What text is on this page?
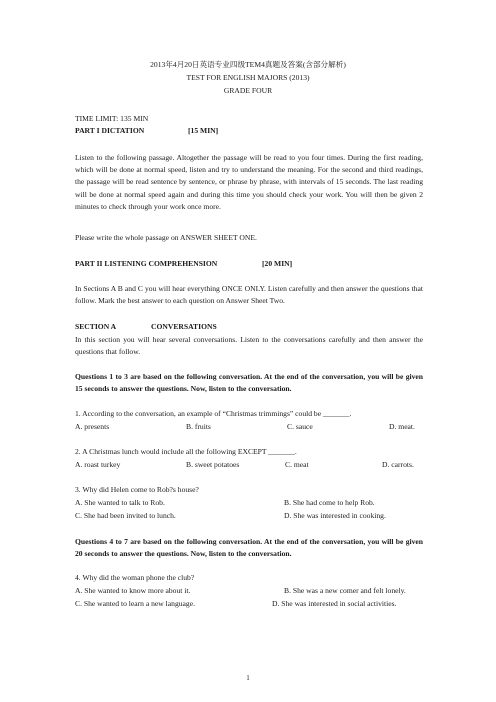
2013年4月20日英语专业四级TEM4真题及答案(含部分解析)
TEST FOR ENGLISH MAJORS (2013)
GRADE FOUR
TIME LIMIT: 135 MIN
PART I DICTATION	[15 MIN]
Listen to the following passage. Altogether the passage will be read to you four times. During the first reading, which will be done at normal speed, listen and try to understand the meaning. For the second and third readings, the passage will be read sentence by sentence, or phrase by phrase, with intervals of 15 seconds. The last reading will be done at normal speed again and during this time you should check your work. You will then be given 2 minutes to check through your work once more.
Please write the whole passage on ANSWER SHEET ONE.
PART II LISTENING COMPREHENSION	[20 MIN]
In Sections A B and C you will hear everything ONCE ONLY. Listen carefully and then answer the questions that follow. Mark the best answer to each question on Answer Sheet Two.
SECTION A	CONVERSATIONS
In this section you will hear several conversations. Listen to the conversations carefully and then answer the questions that follow.
Questions 1 to 3 are based on the following conversation. At the end of the conversation, you will be given 15 seconds to answer the questions. Now, listen to the conversation.
1. According to the conversation, an example of “Christmas trimmings” could be _______.
A. presents	B. fruits	C. sauce	D. meat.
2. A Christmas lunch would include all the following EXCEPT _______.
A. roast turkey	B. sweet potatoes	C. meat	D. carrots.
3. Why did Helen come to Rob?s house?
A. She wanted to talk to Rob.	B. She had come to help Rob.
C. She had been invited to lunch.	D. She was interested in cooking.
Questions 4 to 7 are based on the following conversation. At the end of the conversation, you will be given 20 seconds to answer the questions. Now, listen to the conversation.
4. Why did the woman phone the club?
A. She wanted to know more about it.	B. She was a new comer and felt lonely.
C. She wanted to learn a new language.	D. She was interested in social activities.
1
